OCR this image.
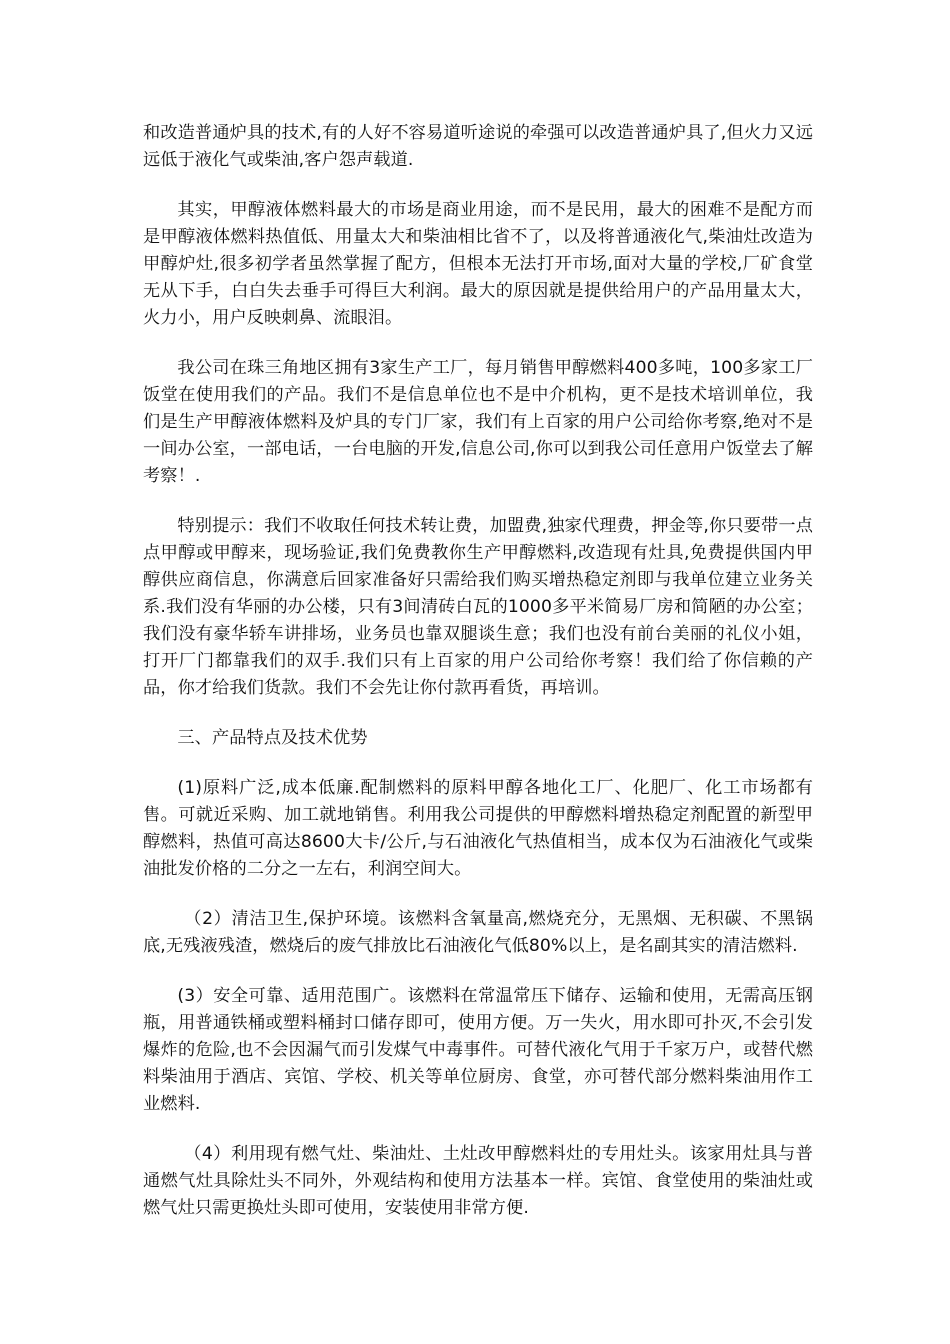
和改造普通炉具的技术,有的人好不容易道听途说的牵强可以改造普通炉具了,但火力又远远低于液化气或柴油,客户怨声载道.

其实，甲醇液体燃料最大的市场是商业用途，而不是民用，最大的困难不是配方而是甲醇液体燃料热值低、用量太大和柴油相比省不了，以及将普通液化气,柴油灶改造为甲醇炉灶,很多初学者虽然掌握了配方，但根本无法打开市场,面对大量的学校,厂矿食堂无从下手，白白失去垂手可得巨大利润。最大的原因就是提供给用户的产品用量太大，火力小，用户反映刺鼻、流眼泪。

我公司在珠三角地区拥有3家生产工厂，每月销售甲醇燃料400多吨，100多家工厂饭堂在使用我们的产品。我们不是信息单位也不是中介机构，更不是技术培训单位，我们是生产甲醇液体燃料及炉具的专门厂家，我们有上百家的用户公司给你考察,绝对不是一间办公室，一部电话，一台电脑的开发,信息公司,你可以到我公司任意用户饭堂去了解考察！.

特别提示：我们不收取任何技术转让费，加盟费,独家代理费，押金等,你只要带一点点甲醇或甲醇来，现场验证,我们免费教你生产甲醇燃料,改造现有灶具,免费提供国内甲醇供应商信息，你满意后回家准备好只需给我们购买增热稳定剂即与我单位建立业务关系.我们没有华丽的办公楼，只有3间清砖白瓦的1000多平米简易厂房和简陋的办公室；我们没有豪华轿车讲排场，业务员也靠双腿谈生意；我们也没有前台美丽的礼仪小姐，打开厂门都靠我们的双手.我们只有上百家的用户公司给你考察！我们给了你信赖的产品，你才给我们货款。我们不会先让你付款再看货，再培训。

三、产品特点及技术优势

(1)原料广泛,成本低廉.配制燃料的原料甲醇各地化工厂、化肥厂、化工市场都有售。可就近采购、加工就地销售。利用我公司提供的甲醇燃料增热稳定剂配置的新型甲醇燃料，热值可高达8600大卡/公斤,与石油液化气热值相当，成本仅为石油液化气或柴油批发价格的二分之一左右，利润空间大。

（2）清洁卫生,保护环境。该燃料含氧量高,燃烧充分，无黑烟、无积碳、不黑锅底,无残液残渣，燃烧后的废气排放比石油液化气低80%以上，是名副其实的清洁燃料.

(3）安全可靠、适用范围广。该燃料在常温常压下储存、运输和使用，无需高压钢瓶，用普通铁桶或塑料桶封口储存即可，使用方便。万一失火，用水即可扑灭,不会引发爆炸的危险,也不会因漏气而引发煤气中毒事件。可替代液化气用于千家万户，或替代燃料柴油用于酒店、宾馆、学校、机关等单位厨房、食堂，亦可替代部分燃料柴油用作工业燃料.

（4）利用现有燃气灶、柴油灶、土灶改甲醇燃料灶的专用灶头。该家用灶具与普通燃气灶具除灶头不同外，外观结构和使用方法基本一样。宾馆、食堂使用的柴油灶或燃气灶只需更换灶头即可使用，安装使用非常方便.
